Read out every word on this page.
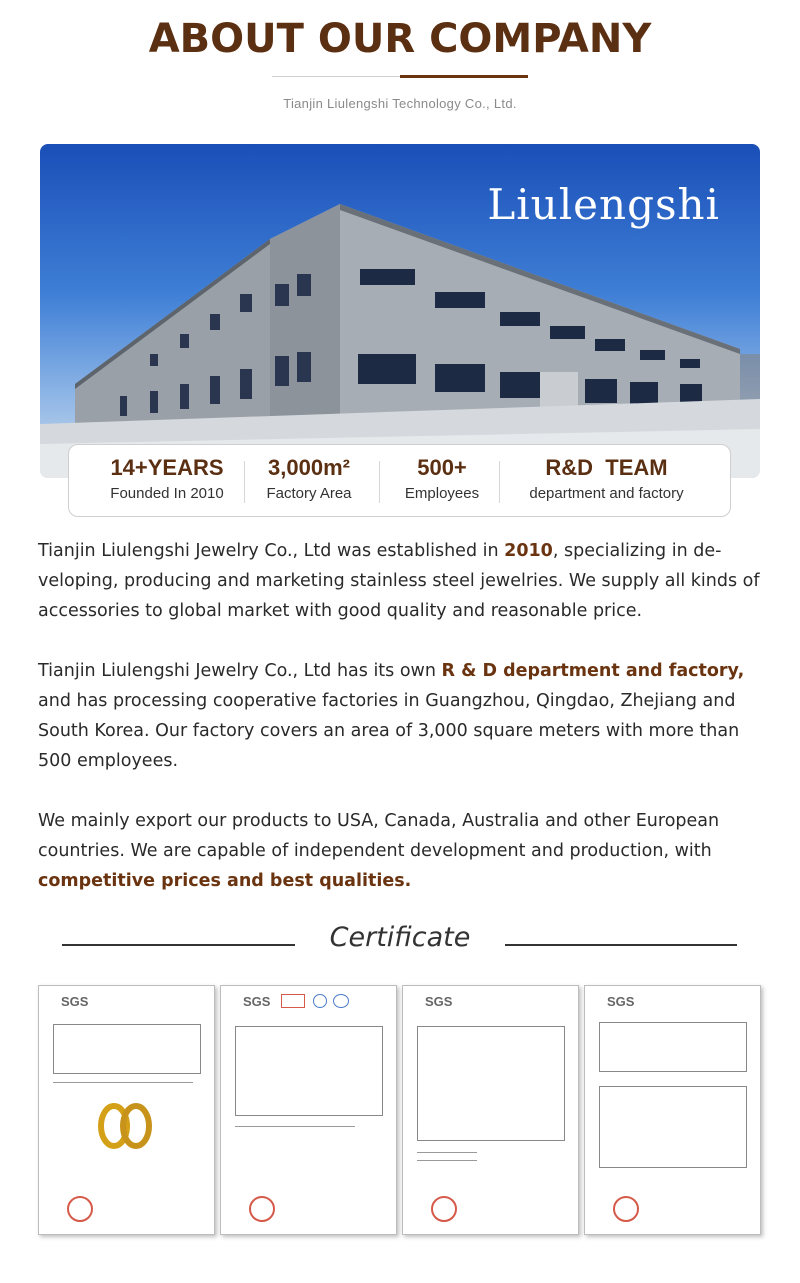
ABOUT OUR COMPANY
Tianjin Liulengshi Technology Co., Ltd.
Liulengshi
14+YEARS
Founded In 2010
3,000m²
Factory Area
500+
Employees
R&D  TEAM
department and factory
Tianjin Liulengshi Jewelry Co., Ltd was established in 2010, specializing in de-veloping, producing and marketing stainless steel jewelries. We supply all kinds of accessories to global market with good quality and reasonable price.
Tianjin Liulengshi Jewelry Co., Ltd has its own R & D department and factory, and has processing cooperative factories in Guangzhou, Qingdao, Zhejiang and South Korea. Our factory covers an area of 3,000 square meters with more than 500 employees.
We mainly export our products to USA, Canada, Australia and other European countries. We are capable of independent development and production, with competitive prices and best qualities.
Certificate
SGS	SGS	SGS	SGS
